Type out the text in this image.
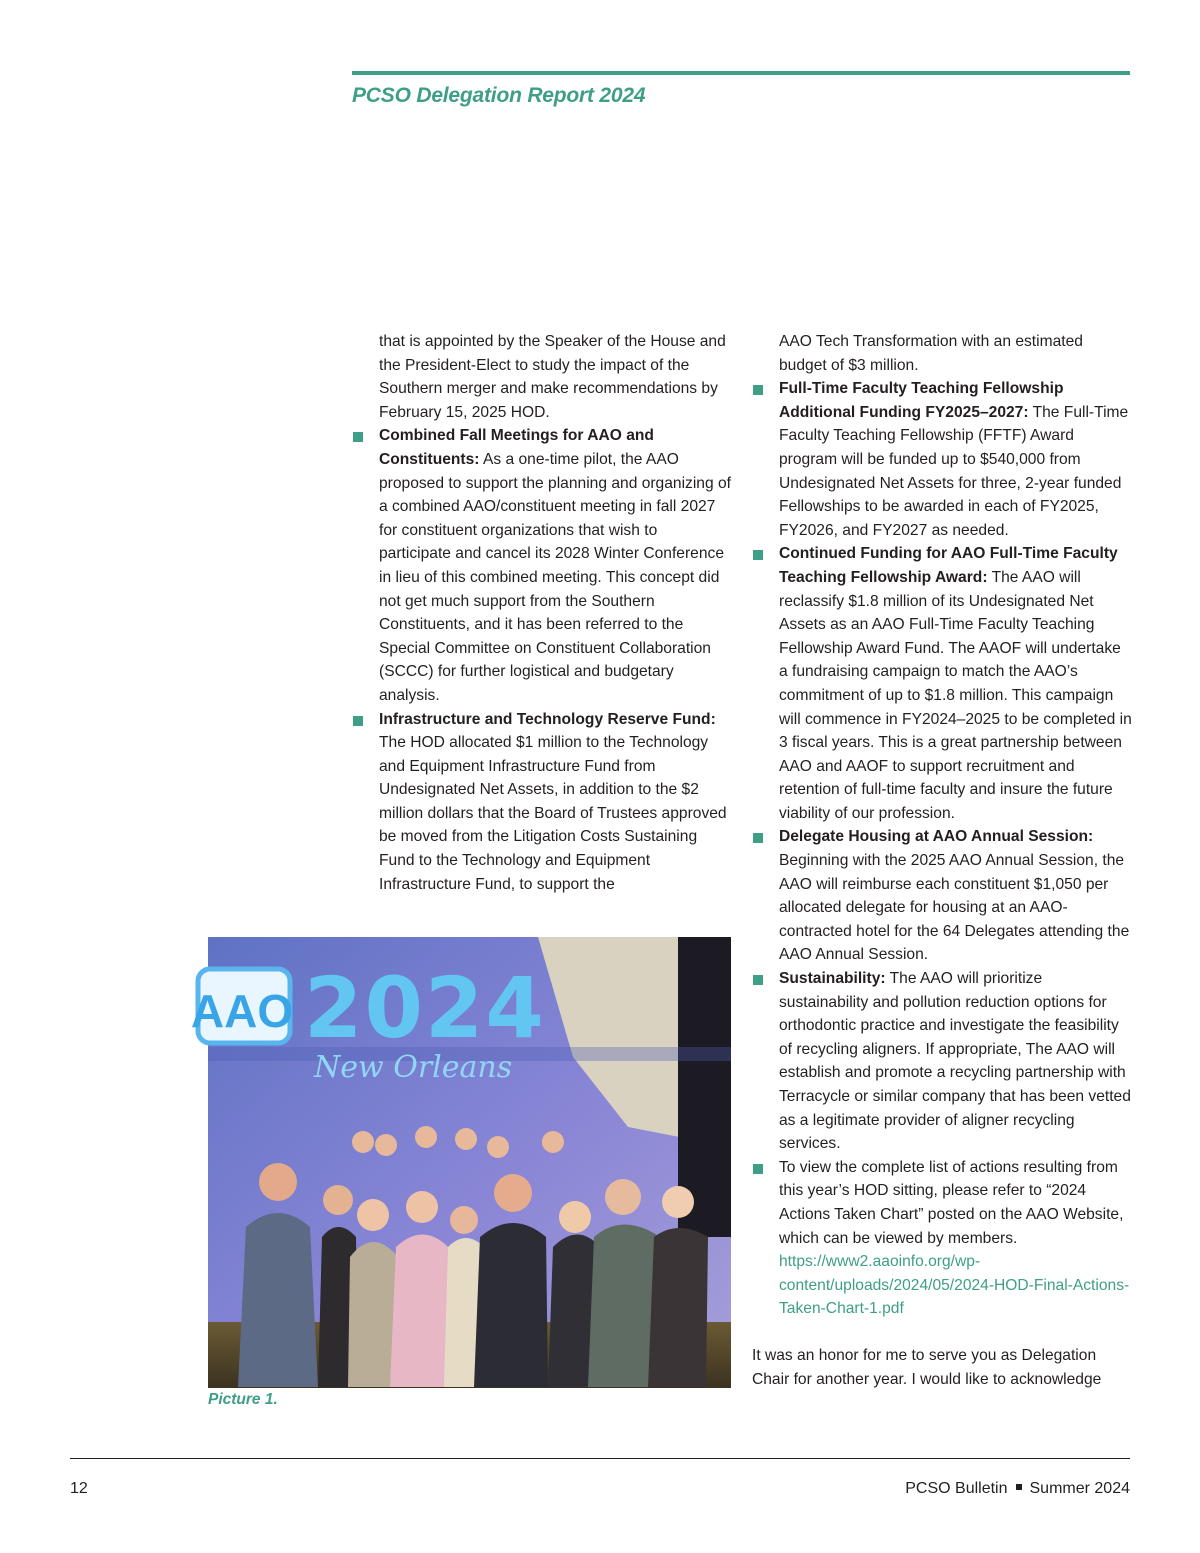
PCSO Delegation Report 2024
that is appointed by the Speaker of the House and the President-Elect to study the impact of the Southern merger and make recommendations by February 15, 2025 HOD.
Combined Fall Meetings for AAO and Constituents: As a one-time pilot, the AAO proposed to support the planning and organizing of a combined AAO/constituent meeting in fall 2027 for constituent organizations that wish to participate and cancel its 2028 Winter Conference in lieu of this combined meeting. This concept did not get much support from the Southern Constituents, and it has been referred to the Special Committee on Constituent Collaboration (SCCC) for further logistical and budgetary analysis.
Infrastructure and Technology Reserve Fund: The HOD allocated $1 million to the Technology and Equipment Infrastructure Fund from Undesignated Net Assets, in addition to the $2 million dollars that the Board of Trustees approved be moved from the Litigation Costs Sustaining Fund to the Technology and Equipment Infrastructure Fund, to support the
AAO Tech Transformation with an estimated budget of $3 million.
Full-Time Faculty Teaching Fellowship Additional Funding FY2025–2027: The Full-Time Faculty Teaching Fellowship (FFTF) Award program will be funded up to $540,000 from Undesignated Net Assets for three, 2-year funded Fellowships to be awarded in each of FY2025, FY2026, and FY2027 as needed.
Continued Funding for AAO Full-Time Faculty Teaching Fellowship Award: The AAO will reclassify $1.8 million of its Undesignated Net Assets as an AAO Full-Time Faculty Teaching Fellowship Award Fund. The AAOF will undertake a fundraising campaign to match the AAO’s commitment of up to $1.8 million. This campaign will commence in FY2024–2025 to be completed in 3 fiscal years. This is a great partnership between AAO and AAOF to support recruitment and retention of full-time faculty and insure the future viability of our profession.
Delegate Housing at AAO Annual Session: Beginning with the 2025 AAO Annual Session, the AAO will reimburse each constituent $1,050 per allocated delegate for housing at an AAO-contracted hotel for the 64 Delegates attending the AAO Annual Session.
Sustainability: The AAO will prioritize sustainability and pollution reduction options for orthodontic practice and investigate the feasibility of recycling aligners. If appropriate, The AAO will establish and promote a recycling partnership with Terracycle or similar company that has been vetted as a legitimate provider of aligner recycling services.
To view the complete list of actions resulting from this year’s HOD sitting, please refer to “2024 Actions Taken Chart” posted on the AAO Website, which can be viewed by members. https://www2.aaoinfo.org/wp-content/uploads/2024/05/2024-HOD-Final-Actions-Taken-Chart-1.pdf
It was an honor for me to serve you as Delegation Chair for another year. I would like to acknowledge
AAO 2024
New Orleans
Picture 1.
12	PCSO Bulletin Summer 2024
